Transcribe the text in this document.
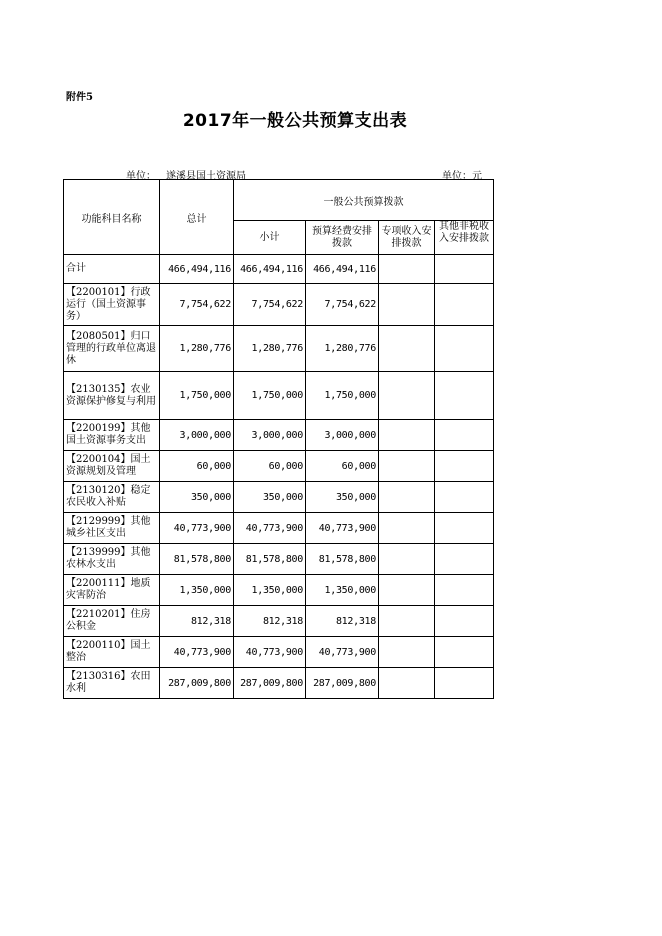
附件5
2017年一般公共预算支出表
单位： 遂溪县国土资源局	单位：元
功能科目名称	总计	一般公共预算拨款			
		小计	预算经费安排拨款	专项收入安排拨款	其他非税收入安排拨款

合计	466,494,116	466,494,116	466,494,116		
【2200101】行政运行（国土资源事务）	7,754,622	7,754,622	7,754,622		
【2080501】归口管理的行政单位离退休	1,280,776	1,280,776	1,280,776		
【2130135】农业资源保护修复与利用	1,750,000	1,750,000	1,750,000		
【2200199】其他国土资源事务支出	3,000,000	3,000,000	3,000,000		
【2200104】国土资源规划及管理	60,000	60,000	60,000		
【2130120】稳定农民收入补贴	350,000	350,000	350,000		
【2129999】其他城乡社区支出	40,773,900	40,773,900	40,773,900		
【2139999】其他农林水支出	81,578,800	81,578,800	81,578,800		
【2200111】地质灾害防治	1,350,000	1,350,000	1,350,000		
【2210201】住房公积金	812,318	812,318	812,318		
【2200110】国土整治	40,773,900	40,773,900	40,773,900		
【2130316】农田水利	287,009,800	287,009,800	287,009,800		
